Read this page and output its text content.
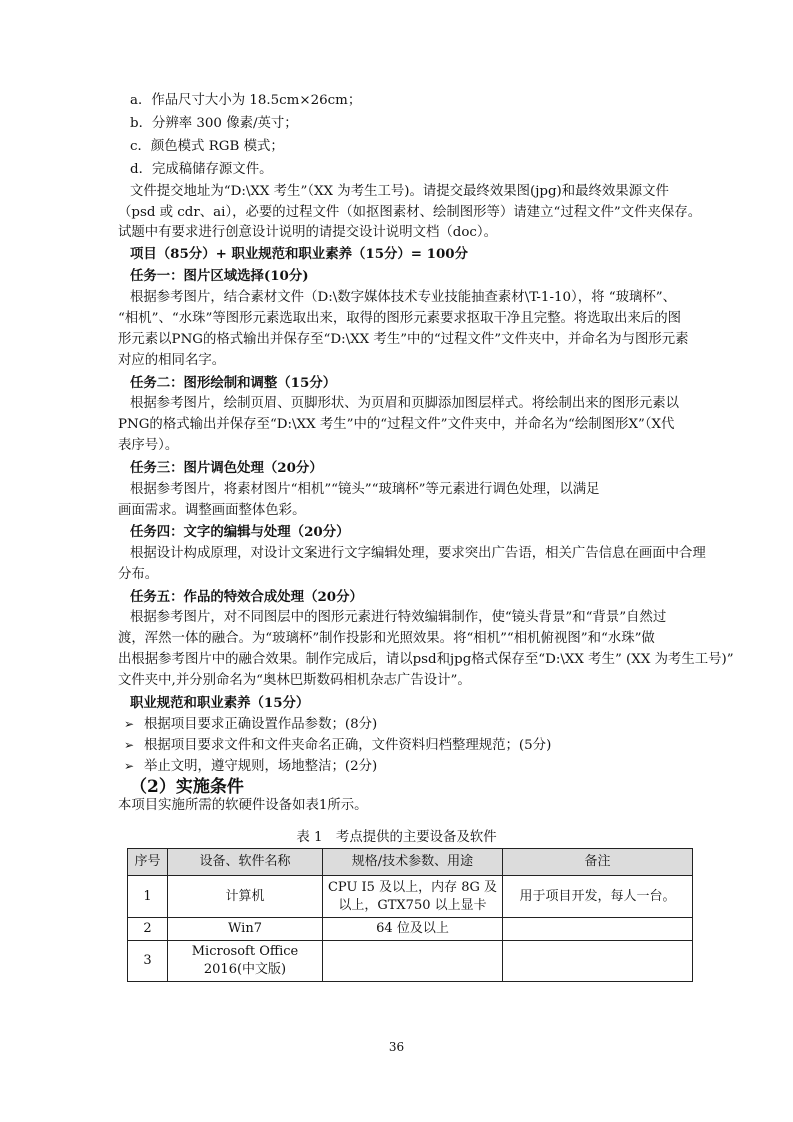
a．作品尺寸大小为 18.5cm×26cm；
b．分辨率 300 像素/英寸；
c．颜色模式 RGB 模式；
d．完成稿储存源文件。
文件提交地址为“D:\XX 考生”（XX 为考生工号)。请提交最终效果图(jpg)和最终效果源文件
（psd 或 cdr、ai），必要的过程文件（如抠图素材、绘制图形等）请建立“过程文件”文件夹保存。
试题中有要求进行创意设计说明的请提交设计说明文档（doc）。
项目（85分）+ 职业规范和职业素养（15分）= 100分
任务一：图片区域选择(10分)
根据参考图片，结合素材文件（D:\数字媒体技术专业技能抽查素材\T-1-10），将 “玻璃杯”、
“相机”、“水珠”等图形元素选取出来，取得的图形元素要求抠取干净且完整。将选取出来后的图
形元素以PNG的格式输出并保存至“D:\XX 考生”中的“过程文件”文件夹中，并命名为与图形元素
对应的相同名字。
任务二：图形绘制和调整（15分）
根据参考图片，绘制页眉、页脚形状、为页眉和页脚添加图层样式。将绘制出来的图形元素以
PNG的格式输出并保存至“D:\XX 考生”中的“过程文件”文件夹中，并命名为“绘制图形X”（X代
表序号）。
任务三：图片调色处理（20分）
根据参考图片，将素材图片“相机”“镜头”“玻璃杯”等元素进行调色处理，以满足
画面需求。调整画面整体色彩。
任务四：文字的编辑与处理（20分）
根据设计构成原理，对设计文案进行文字编辑处理，要求突出广告语，相关广告信息在画面中合理
分布。
任务五：作品的特效合成处理（20分）
根据参考图片，对不同图层中的图形元素进行特效编辑制作，使“镜头背景”和“背景”自然过
渡，浑然一体的融合。为“玻璃杯”制作投影和光照效果。将“相机”“相机俯视图”和“水珠”做
出根据参考图片中的融合效果。制作完成后，请以psd和jpg格式保存至“D:\XX 考生” (XX 为考生工号)”
文件夹中,并分别命名为“奥林巴斯数码相机杂志广告设计”。
职业规范和职业素养（15分）
➢ 根据项目要求正确设置作品参数；(8分)
➢ 根据项目要求文件和文件夹命名正确，文件资料归档整理规范；(5分)
➢ 举止文明，遵守规则，场地整洁；(2分)
（2）实施条件
本项目实施所需的软硬件设备如表1所示。
表 1　考点提供的主要设备及软件
序号	设备、软件名称	规格/技术参数、用途	备注
1	计算机	CPU I5 及以上，内存 8G 及以上，GTX750 以上显卡	用于项目开发，每人一台。
2	Win7	64 位及以上	
3	Microsoft Office 2016(中文版)		
36
